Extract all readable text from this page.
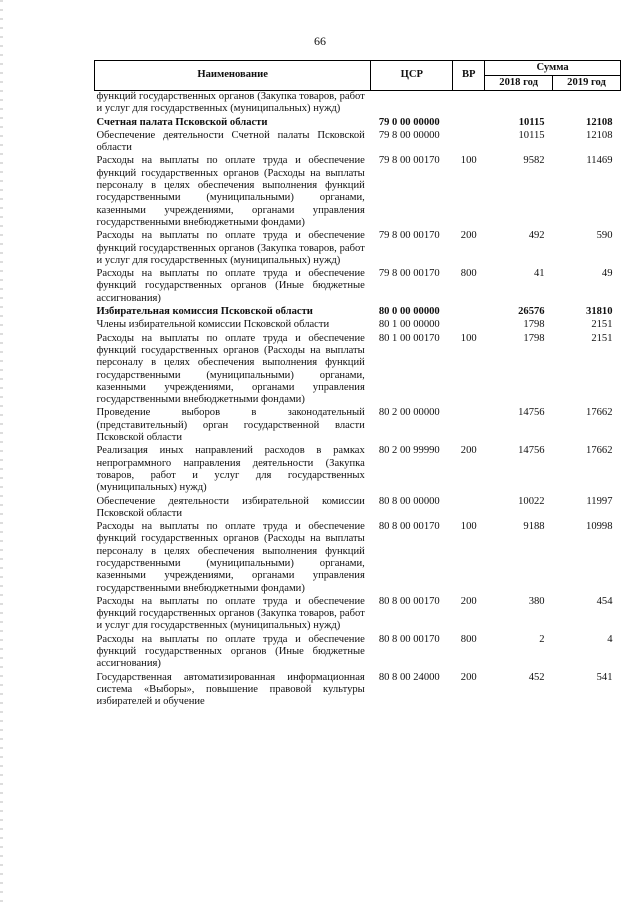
66
Наименование	ЦСР	ВР	Сумма	
			2018 год	2019 год
функций государственных органов (Закупка товаров, работ и услуг для государственных (муниципальных) нужд)				
Счетная палата Псковской области	79 0 00 00000		10115	12108
Обеспечение деятельности Счетной палаты Псковской области	79 8 00 00000		10115	12108
Расходы на выплаты по оплате труда и обеспечение функций государственных органов (Расходы на выплаты персоналу в целях обеспечения выполнения функций государственными (муниципальными) органами, казенными учреждениями, органами управления государственными внебюджетными фондами)	79 8 00 00170	100	9582	11469
Расходы на выплаты по оплате труда и обеспечение функций государственных органов (Закупка товаров, работ и услуг для государственных (муниципальных) нужд)	79 8 00 00170	200	492	590
Расходы на выплаты по оплате труда и обеспечение функций государственных органов (Иные бюджетные ассигнования)	79 8 00 00170	800	41	49
Избирательная комиссия Псковской области	80 0 00 00000		26576	31810
Члены избирательной комиссии Псковской области	80 1 00 00000		1798	2151
Расходы на выплаты по оплате труда и обеспечение функций государственных органов (Расходы на выплаты персоналу в целях обеспечения выполнения функций государственными (муниципальными) органами, казенными учреждениями, органами управления государственными внебюджетными фондами)	80 1 00 00170	100	1798	2151
Проведение выборов в законодательный (представительный) орган государственной власти Псковской области	80 2 00 00000		14756	17662
Реализация иных направлений расходов в рамках непрограммного направления деятельности (Закупка товаров, работ и услуг для государственных (муниципальных) нужд)	80 2 00 99990	200	14756	17662
Обеспечение деятельности избирательной комиссии Псковской области	80 8 00 00000		10022	11997
Расходы на выплаты по оплате труда и обеспечение функций государственных органов (Расходы на выплаты персоналу в целях обеспечения выполнения функций государственными (муниципальными) органами, казенными учреждениями, органами управления государственными внебюджетными фондами)	80 8 00 00170	100	9188	10998
Расходы на выплаты по оплате труда и обеспечение функций государственных органов (Закупка товаров, работ и услуг для государственных (муниципальных) нужд)	80 8 00 00170	200	380	454
Расходы на выплаты по оплате труда и обеспечение функций государственных органов (Иные бюджетные ассигнования)	80 8 00 00170	800	2	4
Государственная автоматизированная информационная система «Выборы», повышение правовой культуры избирателей и обучение	80 8 00 24000	200	452	541
